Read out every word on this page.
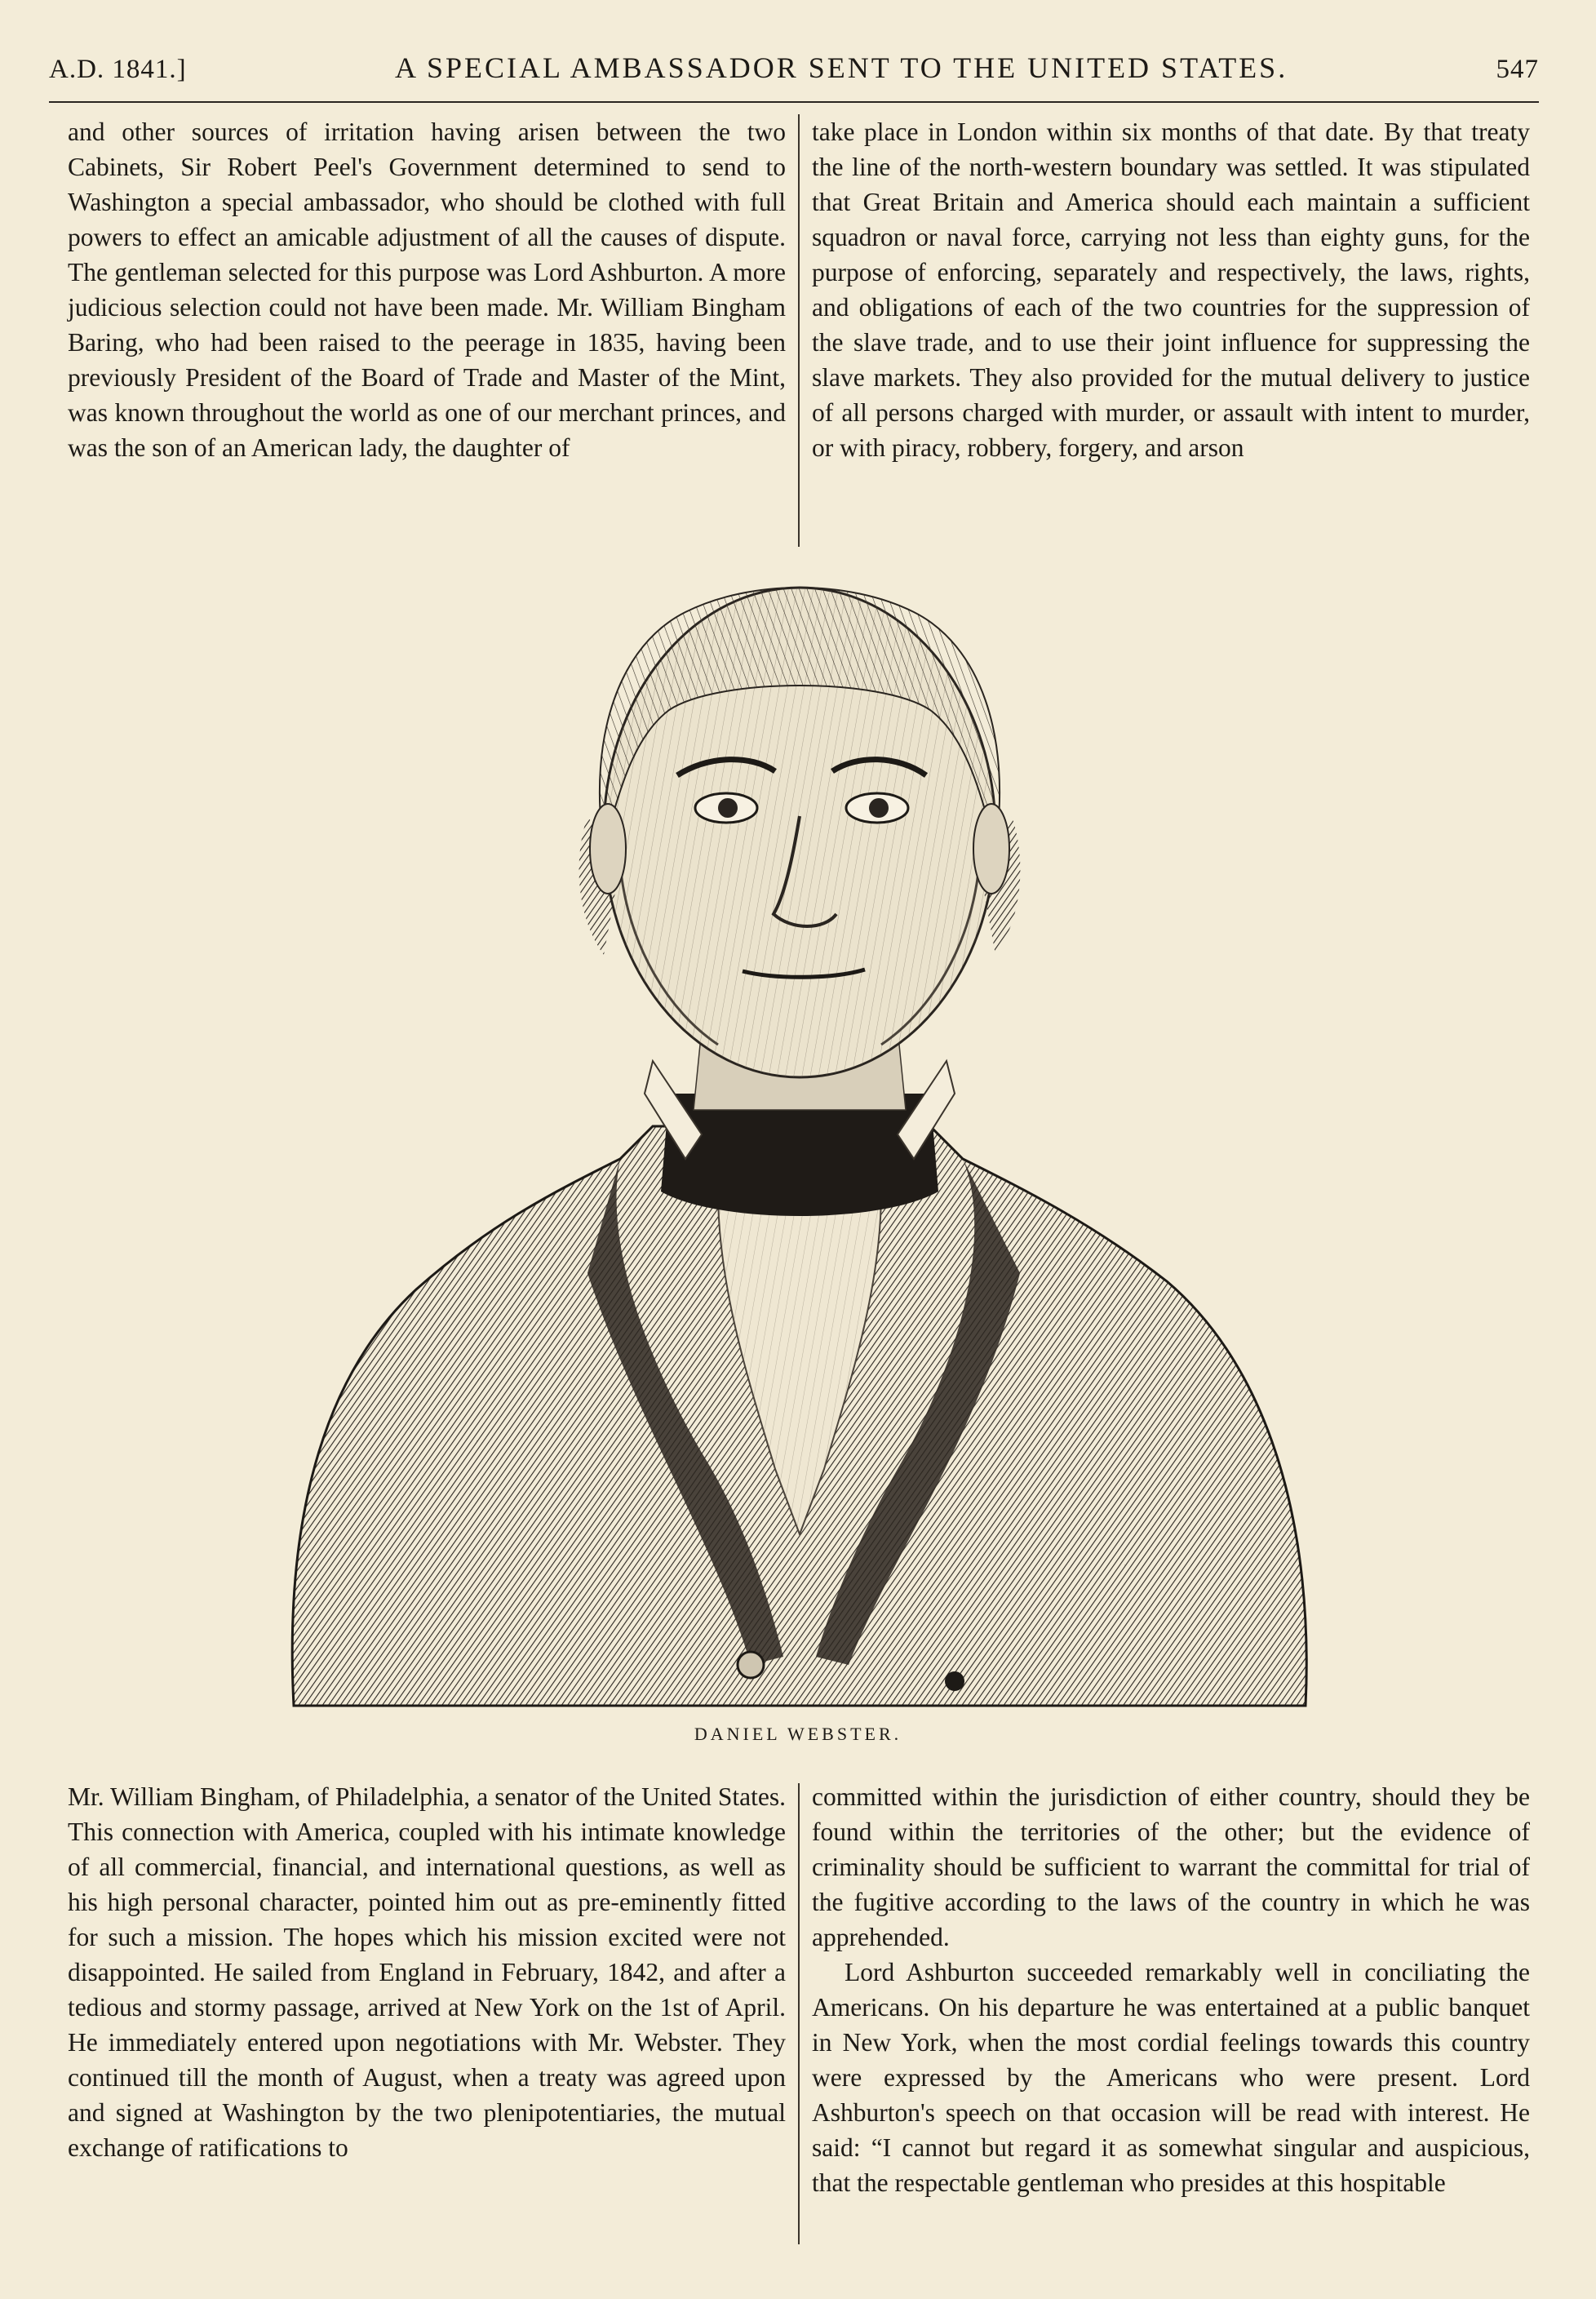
A.D. 1841.]	A SPECIAL AMBASSADOR SENT TO THE UNITED STATES.	547

and other sources of irritation having arisen between the two Cabinets, Sir Robert Peel's Government determined to send to Washington a special ambassador, who should be clothed with full powers to effect an amicable adjustment of all the causes of dispute. The gentleman selected for this purpose was Lord Ashburton. A more judicious selection could not have been made. Mr. William Bingham Baring, who had been raised to the peerage in 1835, having been previously President of the Board of Trade and Master of the Mint, was known throughout the world as one of our merchant princes, and was the son of an American lady, the daughter of

take place in London within six months of that date. By that treaty the line of the north-western boundary was settled. It was stipulated that Great Britain and America should each maintain a sufficient squadron or naval force, carrying not less than eighty guns, for the purpose of enforcing, separately and respectively, the laws, rights, and obligations of each of the two countries for the suppression of the slave trade, and to use their joint influence for suppressing the slave markets. They also provided for the mutual delivery to justice of all persons charged with murder, or assault with intent to murder, or with piracy, robbery, forgery, and arson

DANIEL WEBSTER.

Mr. William Bingham, of Philadelphia, a senator of the United States. This connection with America, coupled with his intimate knowledge of all commercial, financial, and international questions, as well as his high personal character, pointed him out as pre-eminently fitted for such a mission. The hopes which his mission excited were not disappointed. He sailed from England in February, 1842, and after a tedious and stormy passage, arrived at New York on the 1st of April. He immediately entered upon negotiations with Mr. Webster. They continued till the month of August, when a treaty was agreed upon and signed at Washington by the two plenipotentiaries, the mutual exchange of ratifications to

committed within the jurisdiction of either country, should they be found within the territories of the other; but the evidence of criminality should be sufficient to warrant the committal for trial of the fugitive according to the laws of the country in which he was apprehended.

Lord Ashburton succeeded remarkably well in conciliating the Americans. On his departure he was entertained at a public banquet in New York, when the most cordial feelings towards this country were expressed by the Americans who were present. Lord Ashburton's speech on that occasion will be read with interest. He said: “I cannot but regard it as somewhat singular and auspicious, that the respectable gentleman who presides at this hospitable
